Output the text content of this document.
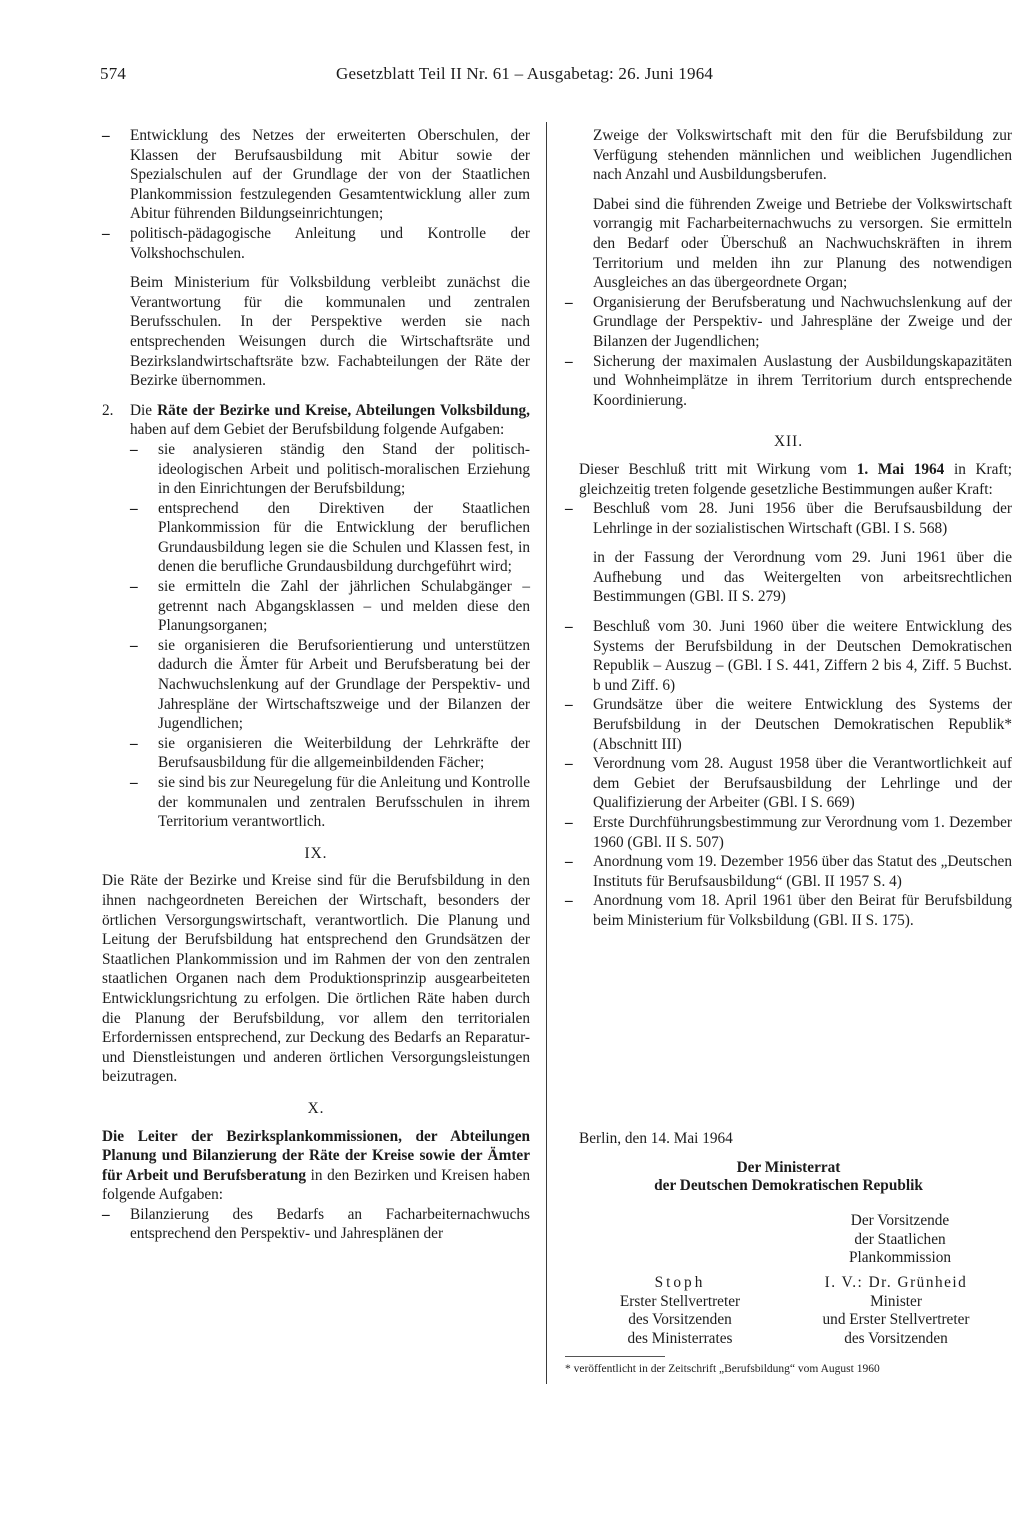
574	Gesetzblatt Teil II Nr. 61 – Ausgabetag: 26. Juni 1964

– Entwicklung des Netzes der erweiterten Oberschulen, der Klassen der Berufsausbildung mit Abitur sowie der Spezialschulen auf der Grundlage der von der Staatlichen Plankommission festzulegenden Gesamtentwicklung aller zum Abitur führenden Bildungseinrichtungen;

– politisch-pädagogische Anleitung und Kontrolle der Volkshochschulen.

Beim Ministerium für Volksbildung verbleibt zunächst die Verantwortung für die kommunalen und zentralen Berufsschulen. In der Perspektive werden sie nach entsprechenden Weisungen durch die Wirtschaftsräte und Bezirkslandwirtschaftsräte bzw. Fachabteilungen der Räte der Bezirke übernommen.

2. Die Räte der Bezirke und Kreise, Abteilungen Volksbildung, haben auf dem Gebiet der Berufsbildung folgende Aufgaben:

– sie analysieren ständig den Stand der politisch-ideologischen Arbeit und politisch-moralischen Erziehung in den Einrichtungen der Berufsbildung;

– entsprechend den Direktiven der Staatlichen Plankommission für die Entwicklung der beruflichen Grundausbildung legen sie die Schulen und Klassen fest, in denen die berufliche Grundausbildung durchgeführt wird;

– sie ermitteln die Zahl der jährlichen Schulabgänger – getrennt nach Abgangsklassen – und melden diese den Planungsorganen;

– sie organisieren die Berufsorientierung und unterstützen dadurch die Ämter für Arbeit und Berufsberatung bei der Nachwuchslenkung auf der Grundlage der Perspektiv- und Jahrespläne der Wirtschaftszweige und der Bilanzen der Jugendlichen;

– sie organisieren die Weiterbildung der Lehrkräfte der Berufsausbildung für die allgemeinbildenden Fächer;

– sie sind bis zur Neuregelung für die Anleitung und Kontrolle der kommunalen und zentralen Berufsschulen in ihrem Territorium verantwortlich.

IX.

Die Räte der Bezirke und Kreise sind für die Berufsbildung in den ihnen nachgeordneten Bereichen der Wirtschaft, besonders der örtlichen Versorgungswirtschaft, verantwortlich. Die Planung und Leitung der Berufsbildung hat entsprechend den Grundsätzen der Staatlichen Plankommission und im Rahmen der von den zentralen staatlichen Organen nach dem Produktionsprinzip ausgearbeiteten Entwicklungsrichtung zu erfolgen. Die örtlichen Räte haben durch die Planung der Berufsbildung, vor allem den territorialen Erfordernissen entsprechend, zur Deckung des Bedarfs an Reparatur- und Dienstleistungen und anderen örtlichen Versorgungsleistungen beizutragen.

X.

Die Leiter der Bezirksplankommissionen, der Abteilungen Planung und Bilanzierung der Räte der Kreise sowie der Ämter für Arbeit und Berufsberatung in den Bezirken und Kreisen haben folgende Aufgaben:

– Bilanzierung des Bedarfs an Facharbeiternachwuchs entsprechend den Perspektiv- und Jahresplänen der

Zweige der Volkswirtschaft mit den für die Berufsbildung zur Verfügung stehenden männlichen und weiblichen Jugendlichen nach Anzahl und Ausbildungsberufen.

Dabei sind die führenden Zweige und Betriebe der Volkswirtschaft vorrangig mit Facharbeiternachwuchs zu versorgen. Sie ermitteln den Bedarf oder Überschuß an Nachwuchskräften in ihrem Territorium und melden ihn zur Planung des notwendigen Ausgleiches an das übergeordnete Organ;

– Organisierung der Berufsberatung und Nachwuchslenkung auf der Grundlage der Perspektiv- und Jahrespläne der Zweige und der Bilanzen der Jugendlichen;

– Sicherung der maximalen Auslastung der Ausbildungskapazitäten und Wohnheimplätze in ihrem Territorium durch entsprechende Koordinierung.

XII.

Dieser Beschluß tritt mit Wirkung vom 1. Mai 1964 in Kraft; gleichzeitig treten folgende gesetzliche Bestimmungen außer Kraft:

– Beschluß vom 28. Juni 1956 über die Berufsausbildung der Lehrlinge in der sozialistischen Wirtschaft (GBl. I S. 568)

in der Fassung der Verordnung vom 29. Juni 1961 über die Aufhebung und das Weitergelten von arbeitsrechtlichen Bestimmungen (GBl. II S. 279)

– Beschluß vom 30. Juni 1960 über die weitere Entwicklung des Systems der Berufsbildung in der Deutschen Demokratischen Republik – Auszug – (GBl. I S. 441, Ziffern 2 bis 4, Ziff. 5 Buchst. b und Ziff. 6)

– Grundsätze über die weitere Entwicklung des Systems der Berufsbildung in der Deutschen Demokratischen Republik* (Abschnitt III)

– Verordnung vom 28. August 1958 über die Verantwortlichkeit auf dem Gebiet der Berufsausbildung der Lehrlinge und der Qualifizierung der Arbeiter (GBl. I S. 669)

– Erste Durchführungsbestimmung zur Verordnung vom 1. Dezember 1960 (GBl. II S. 507)

– Anordnung vom 19. Dezember 1956 über das Statut des „Deutschen Instituts für Berufsausbildung“ (GBl. II 1957 S. 4)

– Anordnung vom 18. April 1961 über den Beirat für Berufsbildung beim Ministerium für Volksbildung (GBl. II S. 175).

Berlin, den 14. Mai 1964

Der Ministerrat

der Deutschen Demokratischen Republik

Der Vorsitzende

der Staatlichen

Plankommission

Stoph

Erster Stellvertreter

des Vorsitzenden

des Ministerrates

I. V.: Dr. Grünheid

Minister

und Erster Stellvertreter

des Vorsitzenden

* veröffentlicht in der Zeitschrift „Berufsbildung“ vom August 1960
